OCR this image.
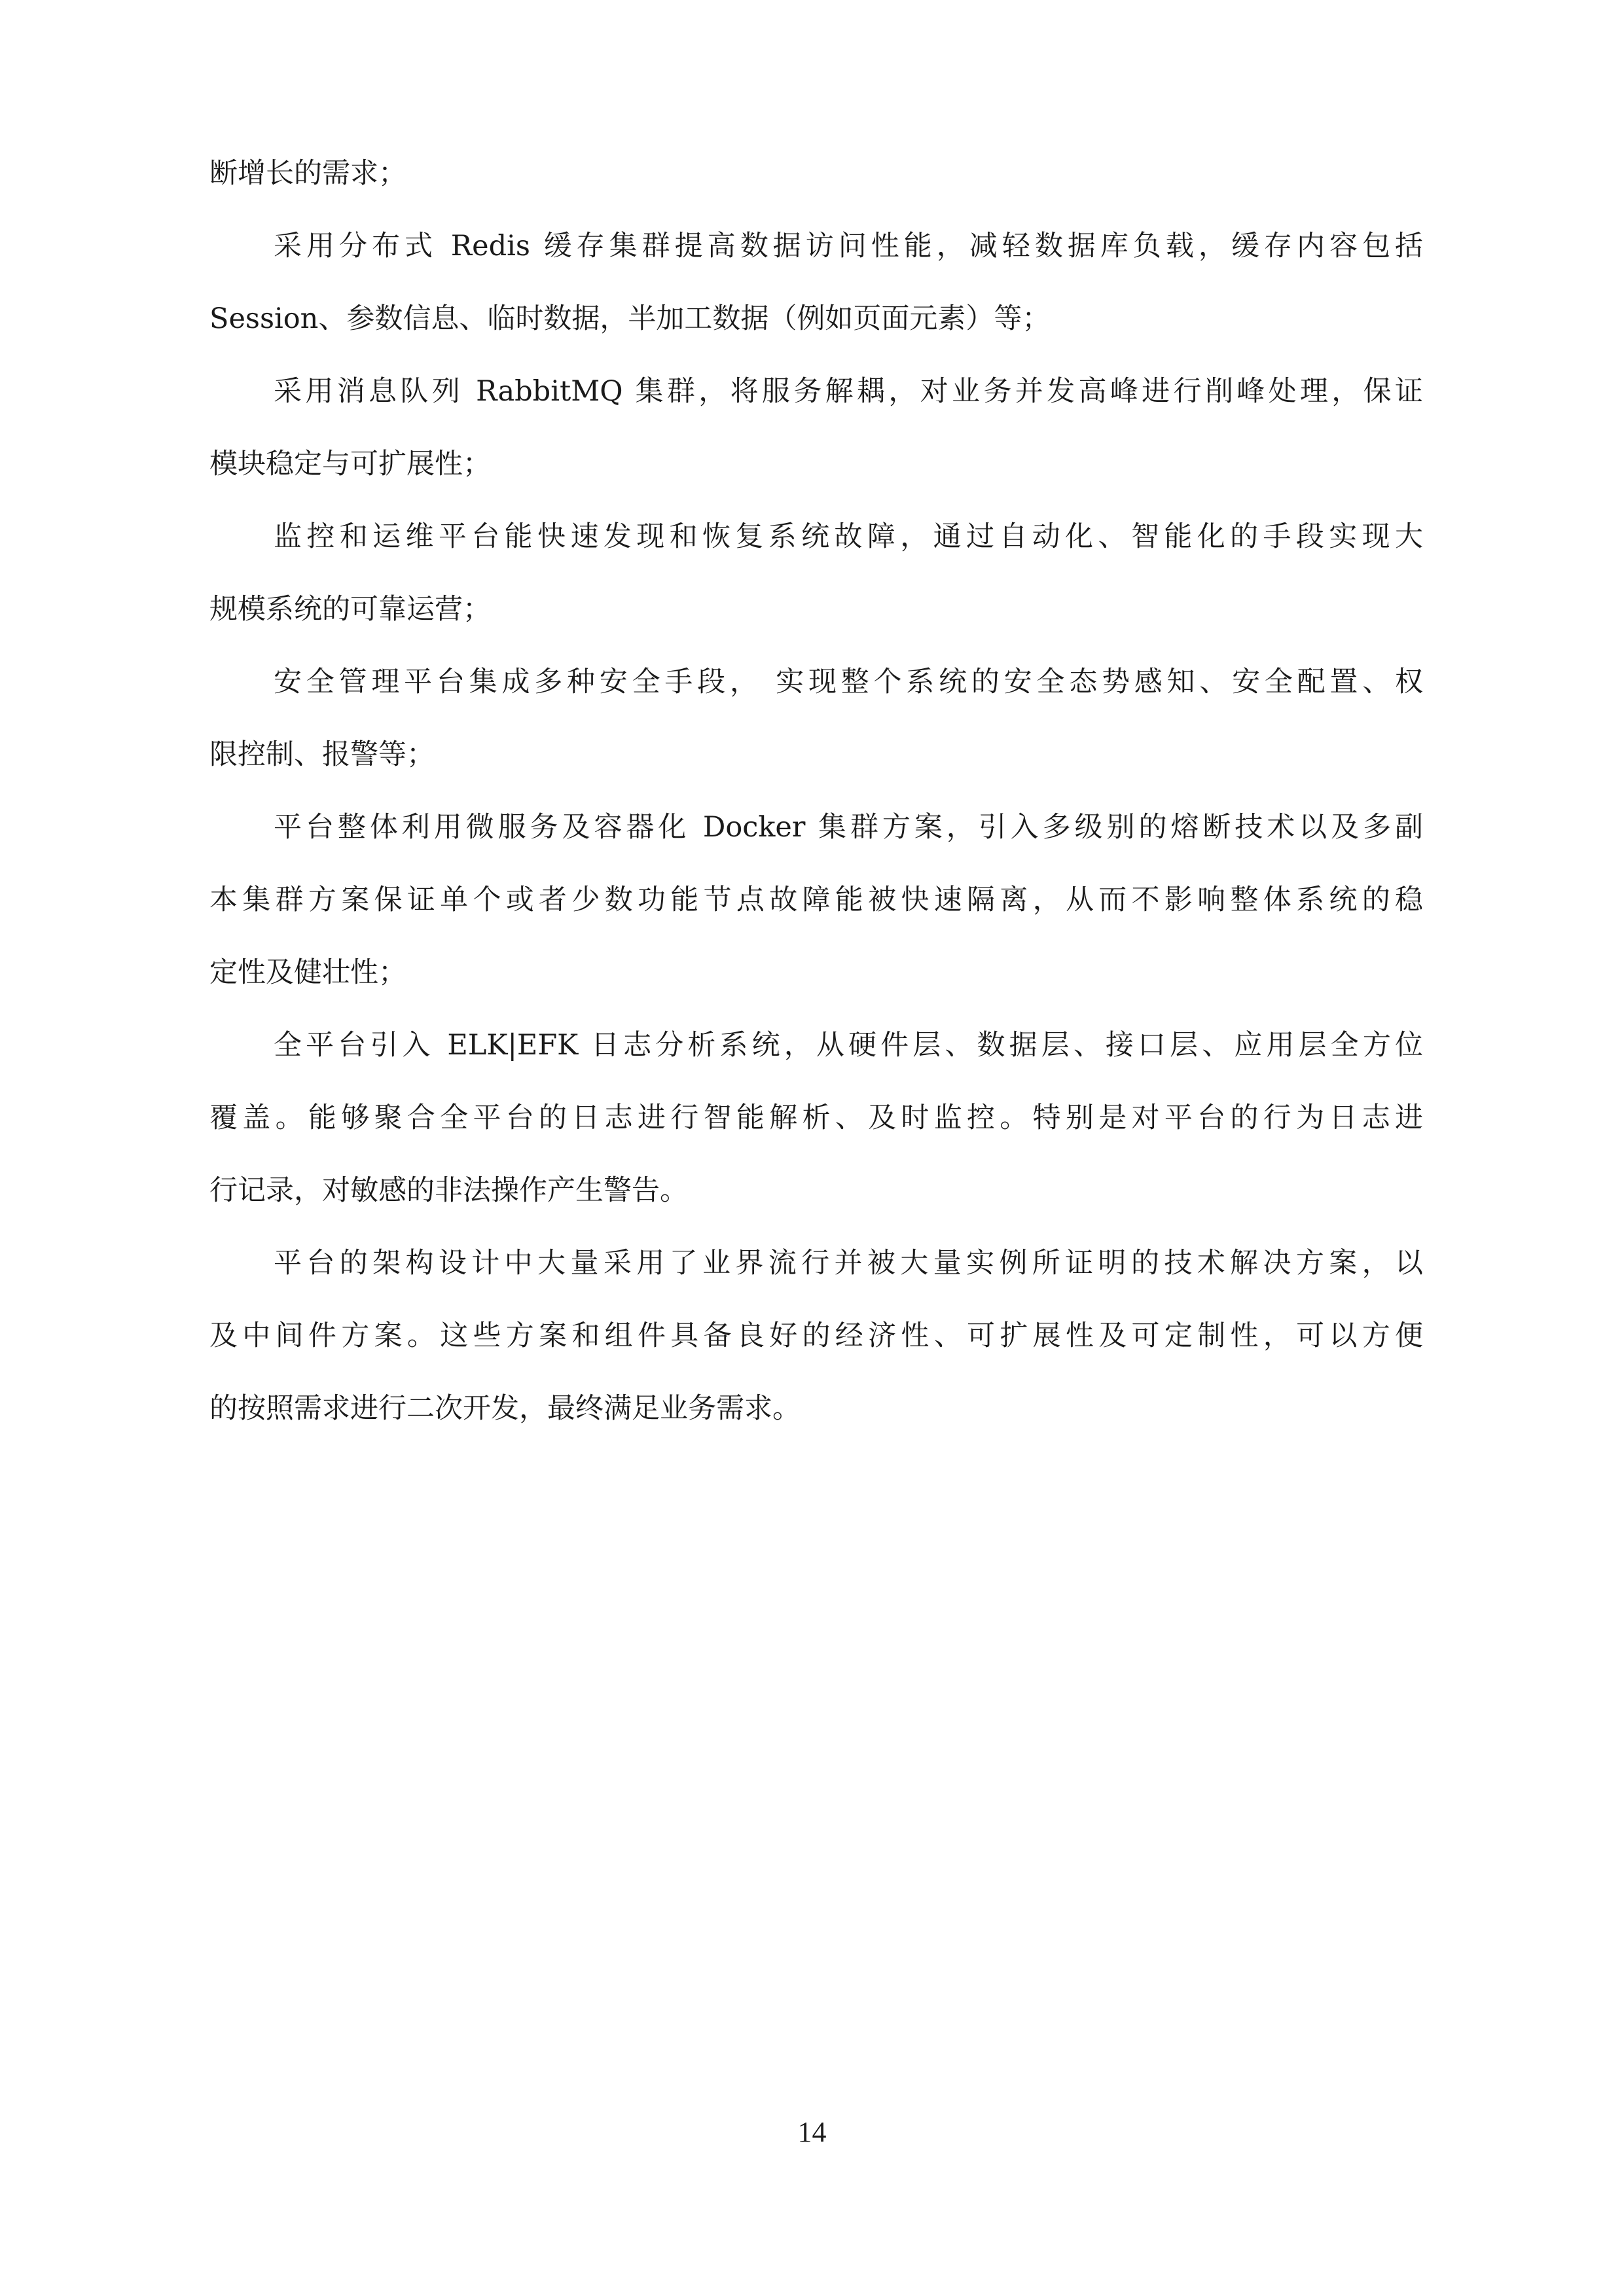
断增长的需求；
采用分布式 Redis 缓存集群提高数据访问性能，减轻数据库负载，缓存内容包括
Session、参数信息、临时数据，半加工数据（例如页面元素）等；
采用消息队列 RabbitMQ 集群，将服务解耦，对业务并发高峰进行削峰处理，保证
模块稳定与可扩展性；
监控和运维平台能快速发现和恢复系统故障，通过自动化、智能化的手段实现大
规模系统的可靠运营；
安全管理平台集成多种安全手段， 实现整个系统的安全态势感知、安全配置、权
限控制、报警等；
平台整体利用微服务及容器化 Docker 集群方案，引入多级别的熔断技术以及多副
本集群方案保证单个或者少数功能节点故障能被快速隔离，从而不影响整体系统的稳
定性及健壮性；
全平台引入 ELK|EFK 日志分析系统，从硬件层、数据层、接口层、应用层全方位
覆盖。能够聚合全平台的日志进行智能解析、及时监控。特别是对平台的行为日志进
行记录，对敏感的非法操作产生警告。
平台的架构设计中大量采用了业界流行并被大量实例所证明的技术解决方案，以
及中间件方案。这些方案和组件具备良好的经济性、可扩展性及可定制性，可以方便
的按照需求进行二次开发，最终满足业务需求。
14
